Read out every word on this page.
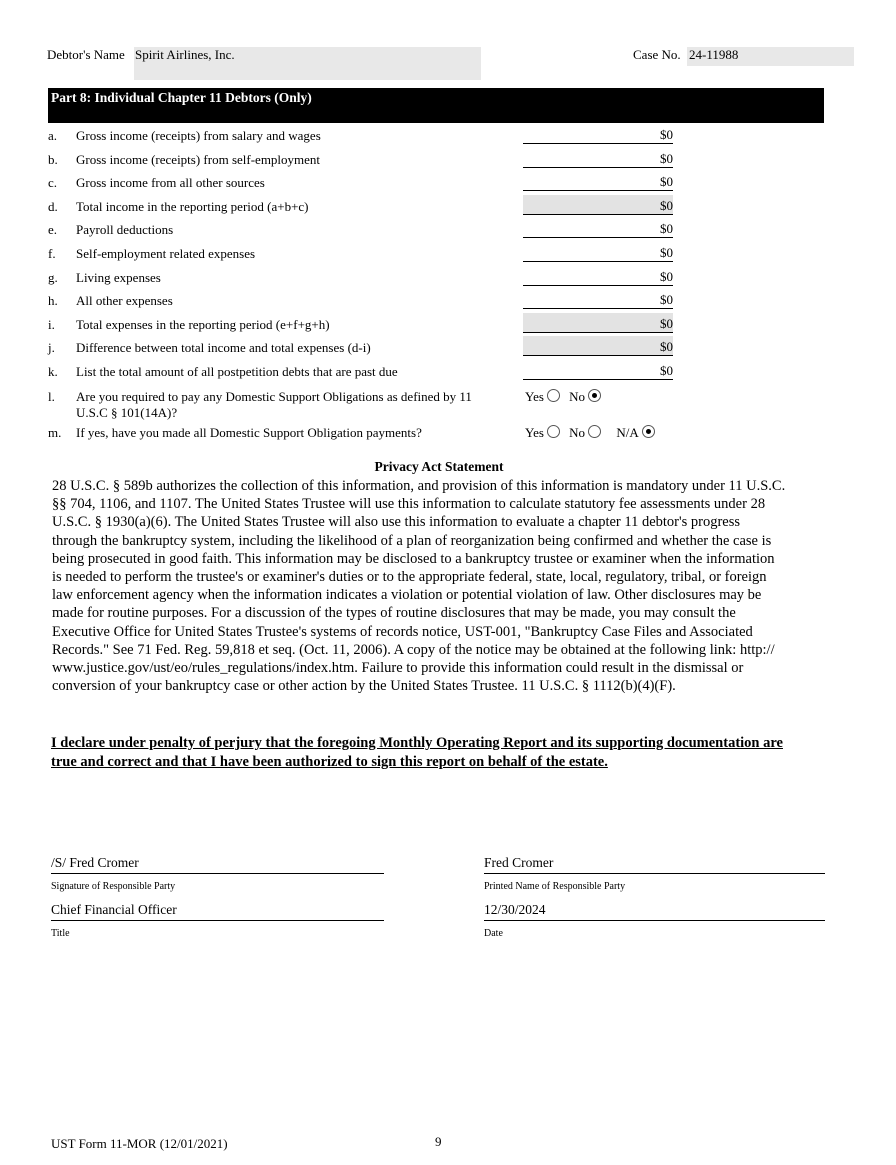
Debtor's Name Spirit Airlines, Inc.	Case No. 24-11988
Part 8: Individual Chapter 11 Debtors (Only)
a. Gross income (receipts) from salary and wages	$0
b. Gross income (receipts) from self-employment	$0
c. Gross income from all other sources	$0
d. Total income in the reporting period (a+b+c)	$0
e. Payroll deductions	$0
f. Self-employment related expenses	$0
g. Living expenses	$0
h. All other expenses	$0
i. Total expenses in the reporting period (e+f+g+h)	$0
j. Difference between total income and total expenses (d-i)	$0
k. List the total amount of all postpetition debts that are past due	$0
l. Are you required to pay any Domestic Support Obligations as defined by 11
U.S.C § 101(14A)?
Yes No
m. If yes, have you made all Domestic Support Obligation payments?	Yes No N/A
Privacy Act Statement
28 U.S.C. § 589b authorizes the collection of this information, and provision of this information is mandatory under 11 U.S.C.
§§ 704, 1106, and 1107. The United States Trustee will use this information to calculate statutory fee assessments under 28
U.S.C. § 1930(a)(6). The United States Trustee will also use this information to evaluate a chapter 11 debtor's progress
through the bankruptcy system, including the likelihood of a plan of reorganization being confirmed and whether the case is
being prosecuted in good faith. This information may be disclosed to a bankruptcy trustee or examiner when the information
is needed to perform the trustee's or examiner's duties or to the appropriate federal, state, local, regulatory, tribal, or foreign
law enforcement agency when the information indicates a violation or potential violation of law. Other disclosures may be
made for routine purposes. For a discussion of the types of routine disclosures that may be made, you may consult the
Executive Office for United States Trustee's systems of records notice, UST-001, "Bankruptcy Case Files and Associated
Records." See 71 Fed. Reg. 59,818 et seq. (Oct. 11, 2006). A copy of the notice may be obtained at the following link: http://
www.justice.gov/ust/eo/rules_regulations/index.htm. Failure to provide this information could result in the dismissal or
conversion of your bankruptcy case or other action by the United States Trustee. 11 U.S.C. § 1112(b)(4)(F).
I declare under penalty of perjury that the foregoing Monthly Operating Report and its supporting documentation are true and correct and that I have been authorized to sign this report on behalf of the estate.
/S/ Fred Cromer
Signature of Responsible Party
Fred Cromer
Printed Name of Responsible Party
Chief Financial Officer
Title
12/30/2024
Date
UST Form 11-MOR (12/01/2021)	9
